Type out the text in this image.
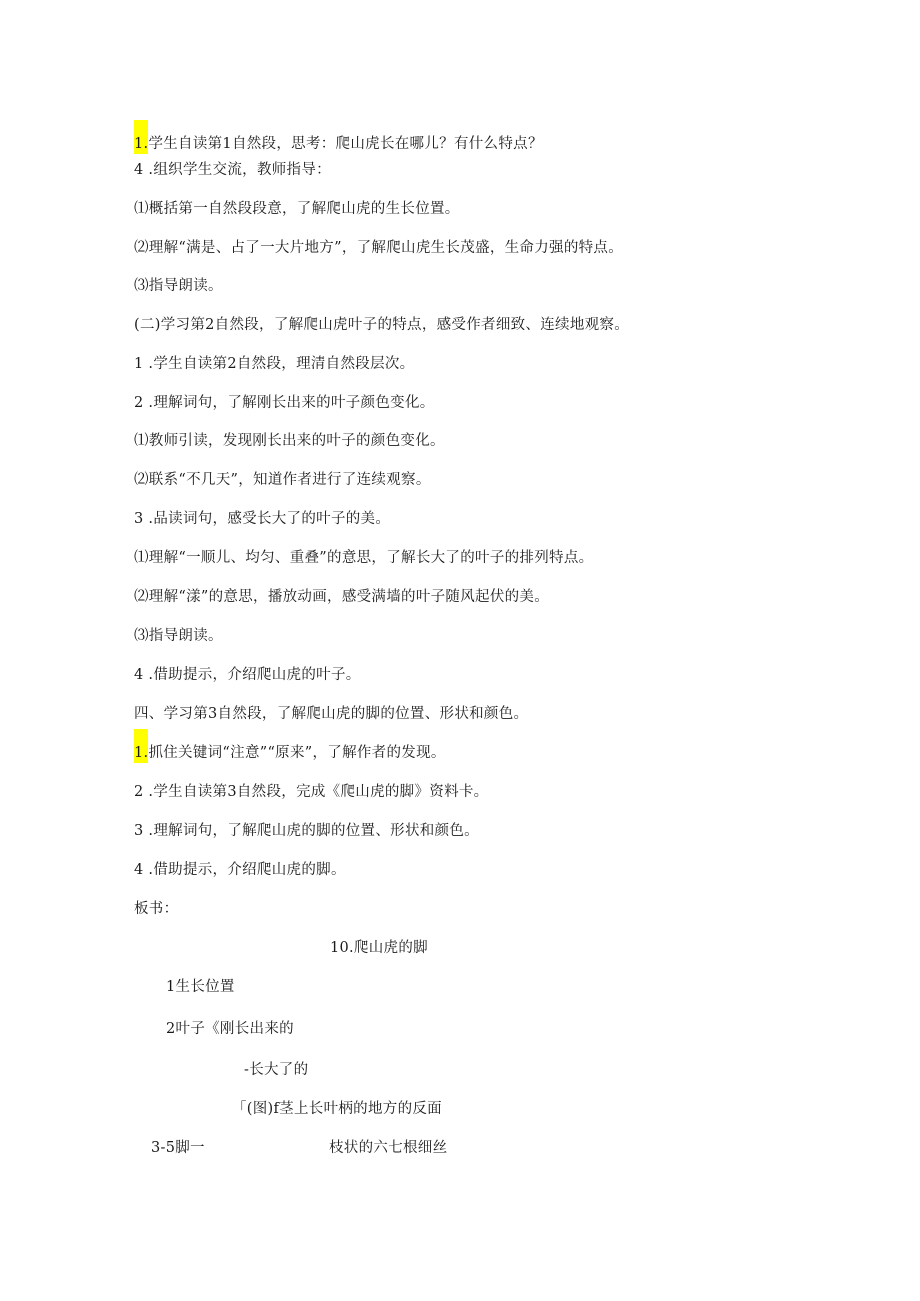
1.学生自读第1自然段，思考：爬山虎长在哪儿？有什么特点？
4 .组织学生交流，教师指导：
⑴概括第一自然段段意，了解爬山虎的生长位置。
⑵理解“满是、占了一大片地方”，了解爬山虎生长茂盛，生命力强的特点。
⑶指导朗读。
(二)学习第2自然段，了解爬山虎叶子的特点，感受作者细致、连续地观察。
1 .学生自读第2自然段，理清自然段层次。
2 .理解词句，了解刚长出来的叶子颜色变化。
⑴教师引读，发现刚长出来的叶子的颜色变化。
⑵联系“不几天”，知道作者进行了连续观察。
3 .品读词句，感受长大了的叶子的美。
⑴理解“一顺儿、均匀、重叠”的意思，了解长大了的叶子的排列特点。
⑵理解“漾”的意思，播放动画，感受满墙的叶子随风起伏的美。
⑶指导朗读。
4 .借助提示，介绍爬山虎的叶子。
四、学习第3自然段，了解爬山虎的脚的位置、形状和颜色。
1.抓住关键词“注意”“原来”，了解作者的发现。
2 .学生自读第3自然段，完成《爬山虎的脚》资料卡。
3 .理解词句，了解爬山虎的脚的位置、形状和颜色。
4 .借助提示，介绍爬山虎的脚。
板书：
10.爬山虎的脚
1生长位置
2叶子《刚长出来的
-长大了的
「(图)f茎上长叶柄的地方的反面
3-5脚一	枝状的六七根细丝
